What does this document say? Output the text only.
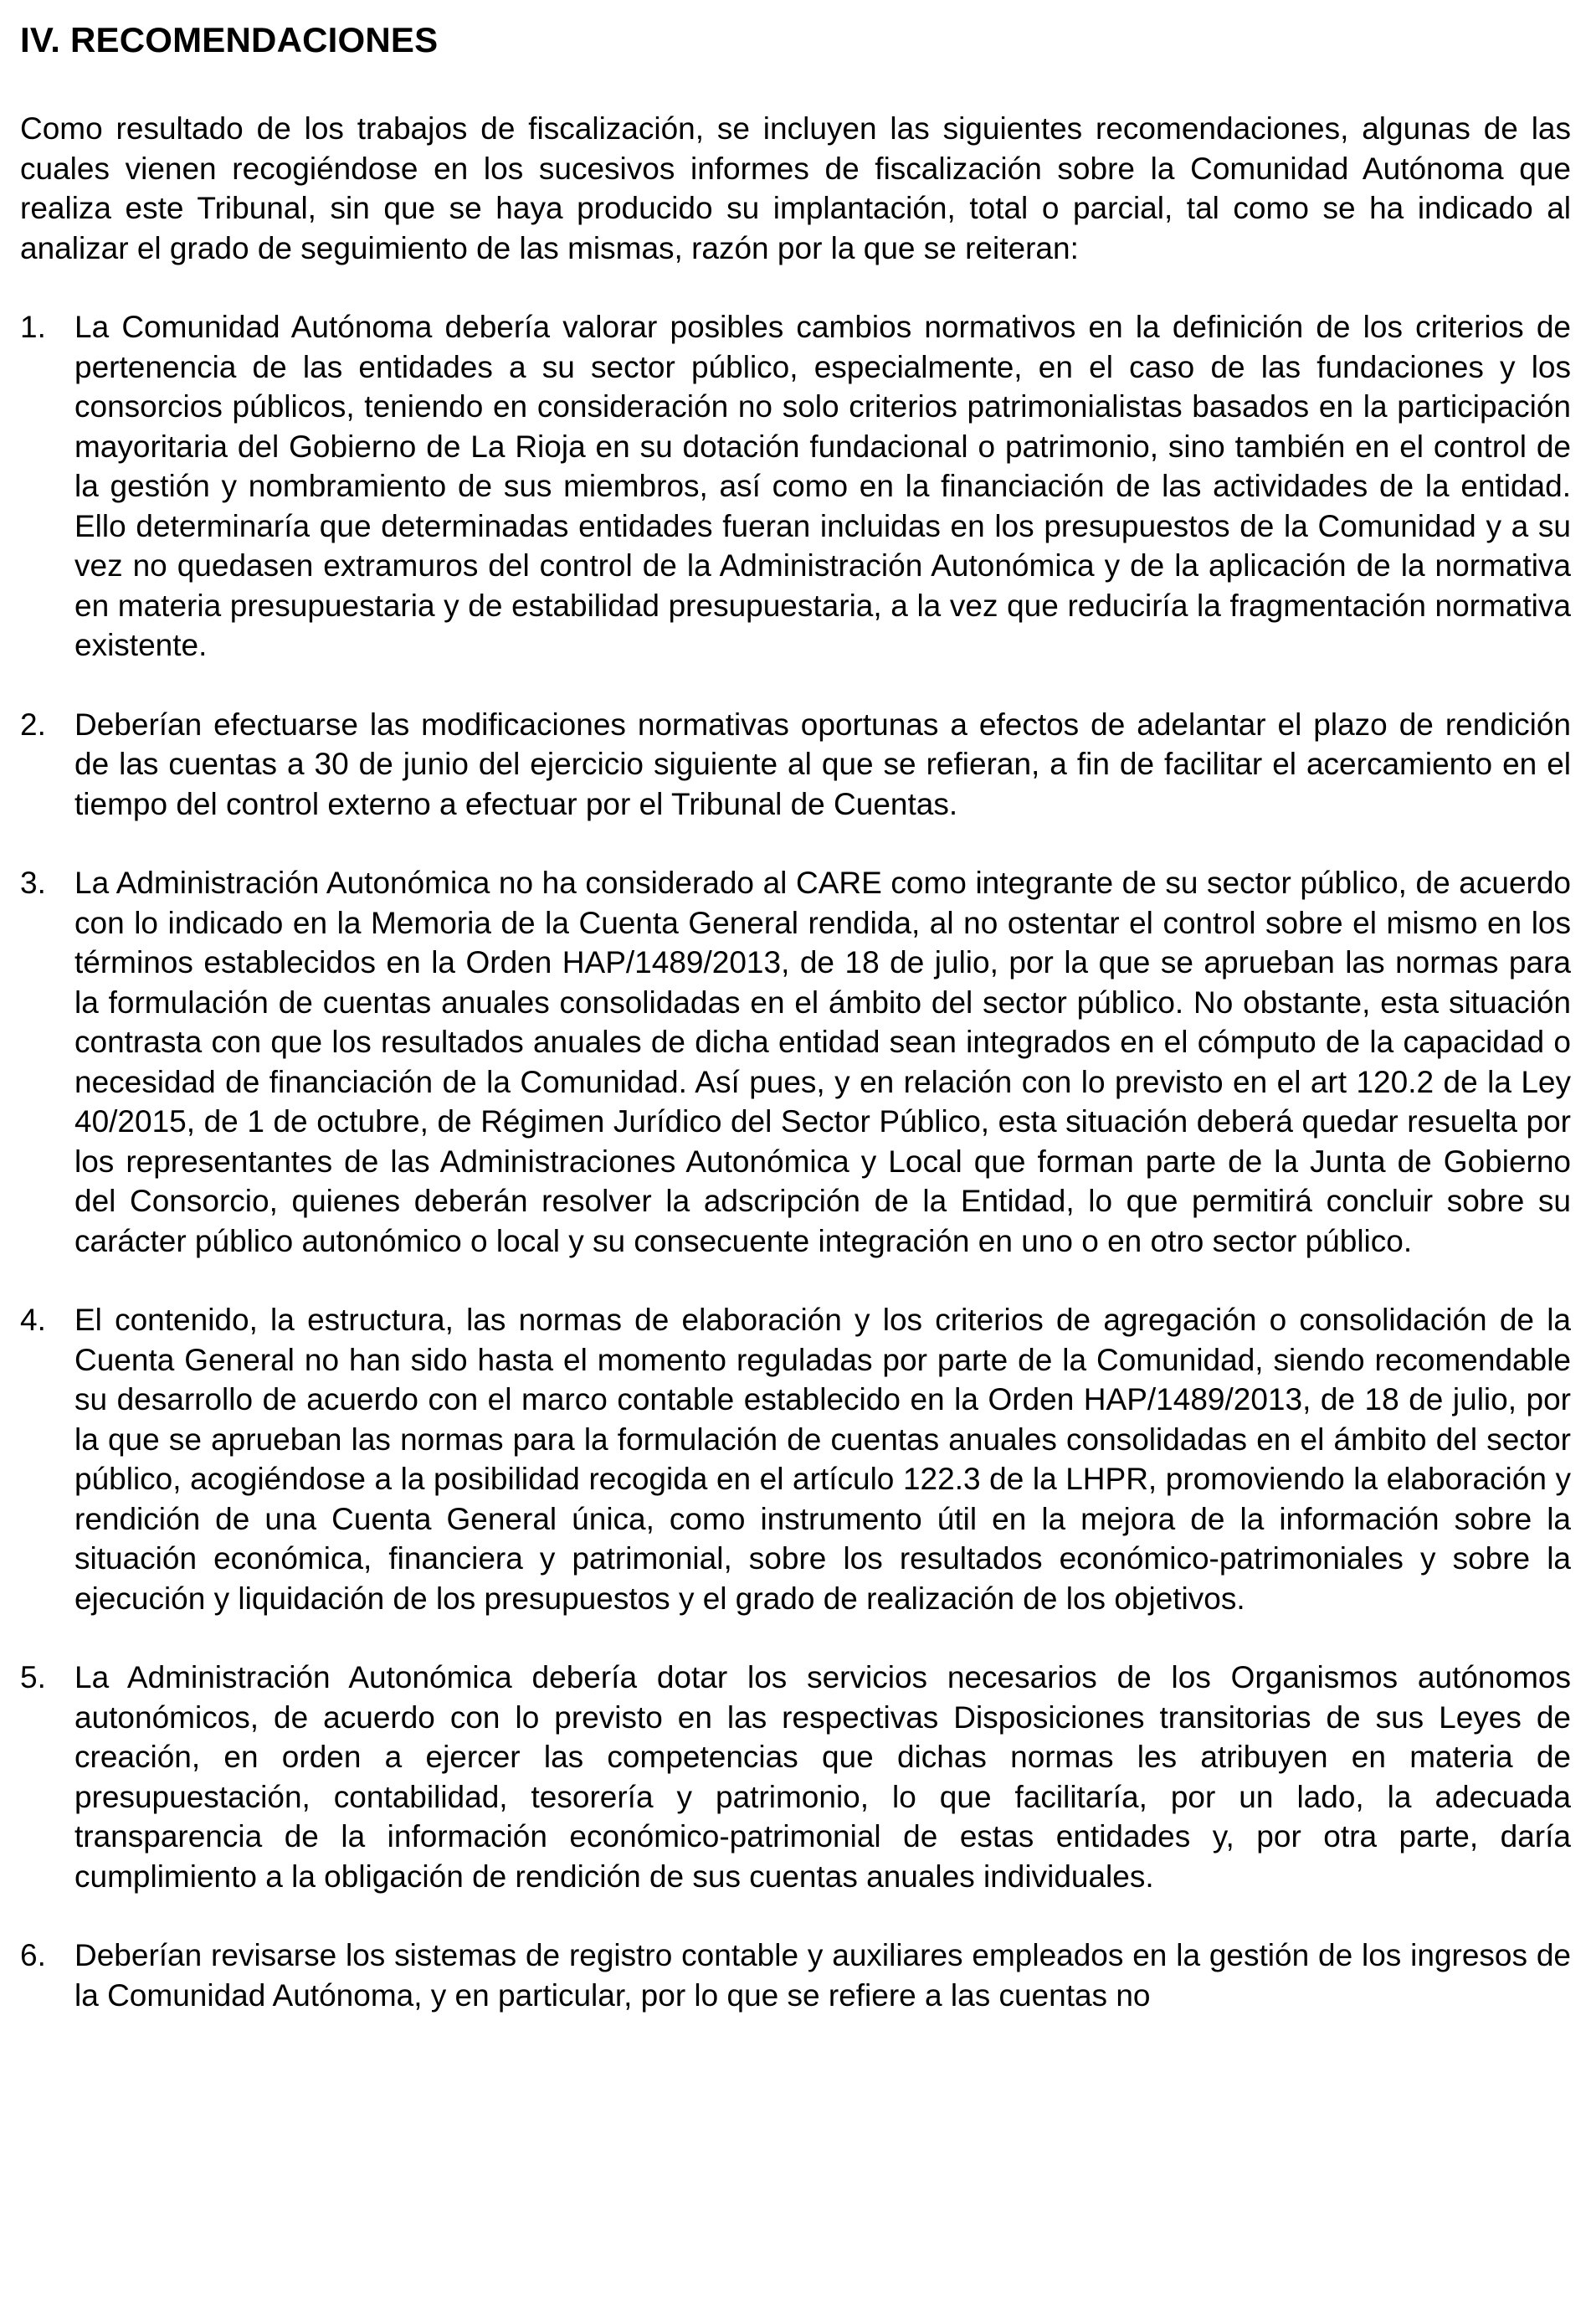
IV. RECOMENDACIONES

Como resultado de los trabajos de fiscalización, se incluyen las siguientes recomendaciones, algunas de las cuales vienen recogiéndose en los sucesivos informes de fiscalización sobre la Comunidad Autónoma que realiza este Tribunal, sin que se haya producido su implantación, total o parcial, tal como se ha indicado al analizar el grado de seguimiento de las mismas, razón por la que se reiteran:

1. La Comunidad Autónoma debería valorar posibles cambios normativos en la definición de los criterios de pertenencia de las entidades a su sector público, especialmente, en el caso de las fundaciones y los consorcios públicos, teniendo en consideración no solo criterios patrimonialistas basados en la participación mayoritaria del Gobierno de La Rioja en su dotación fundacional o patrimonio, sino también en el control de la gestión y nombramiento de sus miembros, así como en la financiación de las actividades de la entidad. Ello determinaría que determinadas entidades fueran incluidas en los presupuestos de la Comunidad y a su vez no quedasen extramuros del control de la Administración Autonómica y de la aplicación de la normativa en materia presupuestaria y de estabilidad presupuestaria, a la vez que reduciría la fragmentación normativa existente.
2. Deberían efectuarse las modificaciones normativas oportunas a efectos de adelantar el plazo de rendición de las cuentas a 30 de junio del ejercicio siguiente al que se refieran, a fin de facilitar el acercamiento en el tiempo del control externo a efectuar por el Tribunal de Cuentas.
3. La Administración Autonómica no ha considerado al CARE como integrante de su sector público, de acuerdo con lo indicado en la Memoria de la Cuenta General rendida, al no ostentar el control sobre el mismo en los términos establecidos en la Orden HAP/1489/2013, de 18 de julio, por la que se aprueban las normas para la formulación de cuentas anuales consolidadas en el ámbito del sector público. No obstante, esta situación contrasta con que los resultados anuales de dicha entidad sean integrados en el cómputo de la capacidad o necesidad de financiación de la Comunidad. Así pues, y en relación con lo previsto en el art 120.2 de la Ley 40/2015, de 1 de octubre, de Régimen Jurídico del Sector Público, esta situación deberá quedar resuelta por los representantes de las Administraciones Autonómica y Local que forman parte de la Junta de Gobierno del Consorcio, quienes deberán resolver la adscripción de la Entidad, lo que permitirá concluir sobre su carácter público autonómico o local y su consecuente integración en uno o en otro sector público.
4. El contenido, la estructura, las normas de elaboración y los criterios de agregación o consolidación de la Cuenta General no han sido hasta el momento reguladas por parte de la Comunidad, siendo recomendable su desarrollo de acuerdo con el marco contable establecido en la Orden HAP/1489/2013, de 18 de julio, por la que se aprueban las normas para la formulación de cuentas anuales consolidadas en el ámbito del sector público, acogiéndose a la posibilidad recogida en el artículo 122.3 de la LHPR, promoviendo la elaboración y rendición de una Cuenta General única, como instrumento útil en la mejora de la información sobre la situación económica, financiera y patrimonial, sobre los resultados económico-patrimoniales y sobre la ejecución y liquidación de los presupuestos y el grado de realización de los objetivos.
5. La Administración Autonómica debería dotar los servicios necesarios de los Organismos autónomos autonómicos, de acuerdo con lo previsto en las respectivas Disposiciones transitorias de sus Leyes de creación, en orden a ejercer las competencias que dichas normas les atribuyen en materia de presupuestación, contabilidad, tesorería y patrimonio, lo que facilitaría, por un lado, la adecuada transparencia de la información económico-patrimonial de estas entidades y, por otra parte, daría cumplimiento a la obligación de rendición de sus cuentas anuales individuales.
6. Deberían revisarse los sistemas de registro contable y auxiliares empleados en la gestión de los ingresos de la Comunidad Autónoma, y en particular, por lo que se refiere a las cuentas no
